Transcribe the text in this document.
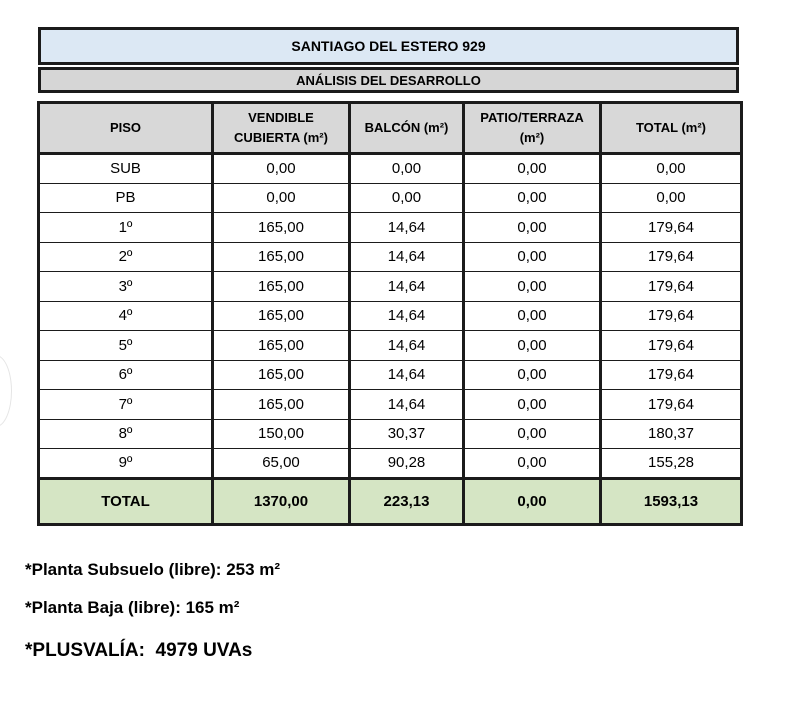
SANTIAGO DEL ESTERO 929
ANÁLISIS DEL DESARROLLO
PISO	VENDIBLE CUBIERTA (m²)	BALCÓN (m²)	PATIO/TERRAZA (m²)	TOTAL (m²)
SUB	0,00	0,00	0,00	0,00
PB	0,00	0,00	0,00	0,00
1º	165,00	14,64	0,00	179,64
2º	165,00	14,64	0,00	179,64
3º	165,00	14,64	0,00	179,64
4º	165,00	14,64	0,00	179,64
5º	165,00	14,64	0,00	179,64
6º	165,00	14,64	0,00	179,64
7º	165,00	14,64	0,00	179,64
8º	150,00	30,37	0,00	180,37
9º	65,00	90,28	0,00	155,28
TOTAL	1370,00	223,13	0,00	1593,13
*Planta Subsuelo (libre): 253 m²
*Planta Baja (libre): 165 m²
*PLUSVALÍA:  4979 UVAs
